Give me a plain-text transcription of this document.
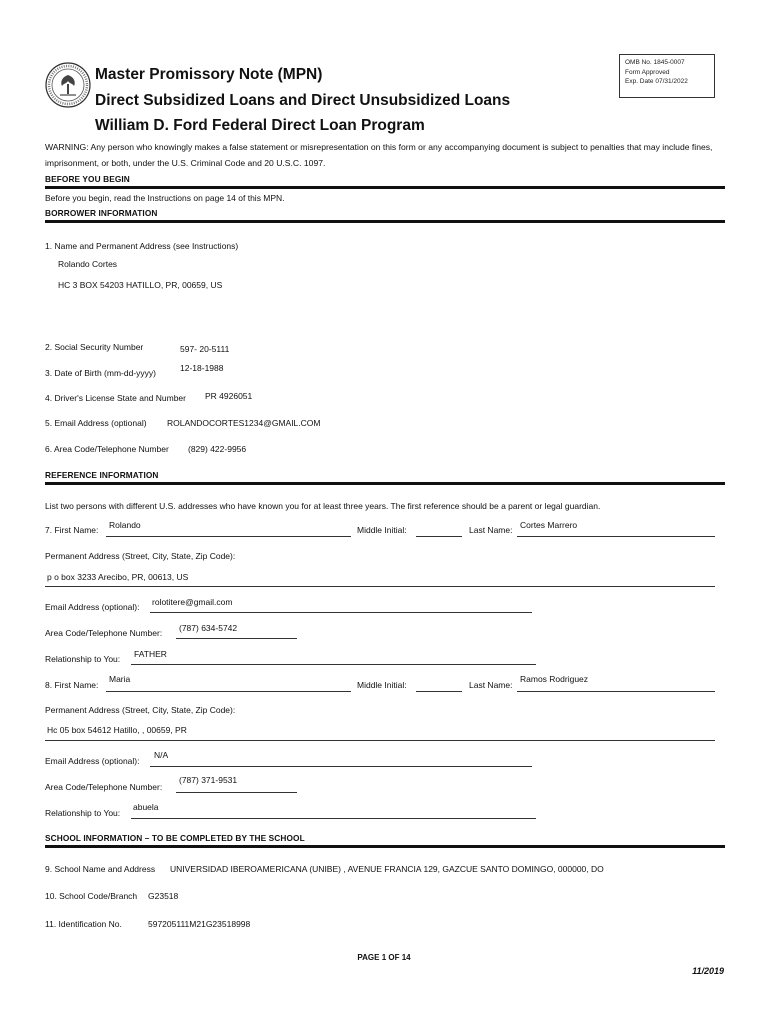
Master Promissory Note (MPN)
Direct Subsidized Loans and Direct Unsubsidized Loans
William D. Ford Federal Direct Loan Program
OMB No. 1845-0007
Form Approved
Exp. Date 07/31/2022
WARNING: Any person who knowingly makes a false statement or misrepresentation on this form or any accompanying document is subject to penalties that may include fines, imprisonment, or both, under the U.S. Criminal Code and 20 U.S.C. 1097.
BEFORE YOU BEGIN
Before you begin, read the Instructions on page 14 of this MPN.
BORROWER INFORMATION
1. Name and Permanent Address (see Instructions)
Rolando Cortes
HC 3 BOX 54203 HATILLO, PR, 00659, US
2. Social Security Number	597- 20-5111
3. Date of Birth (mm-dd-yyyy)	12-18-1988
4. Driver's License State and Number PR 4926051
5. Email Address (optional) ROLANDOCORTES1234@GMAIL.COM
6. Area Code/Telephone Number (829) 422-9956
REFERENCE INFORMATION
List two persons with different U.S. addresses who have known you for at least three years. The first reference should be a parent or legal guardian.
7. First Name: Rolando	Middle Initial:	Last Name: Cortes Marrero
Permanent Address (Street, City, State, Zip Code):
p o box 3233 Arecibo, PR, 00613, US
Email Address (optional): rolotitere@gmail.com
Area Code/Telephone Number: (787) 634-5742
Relationship to You: FATHER
8. First Name:
Maria
Middle Initial:	Last Name:
Ramos Rodriguez
Permanent Address (Street, City, State, Zip Code):
Hc 05 box 54612 Hatillo, , 00659, PR
Email Address (optional):
N/A
Area Code/Telephone Number:
(787) 371-9531
Relationship to You:
abuela
SCHOOL INFORMATION – TO BE COMPLETED BY THE SCHOOL
9. School Name and Address UNIVERSIDAD IBEROAMERICANA (UNIBE) , AVENUE FRANCIA 129, GAZCUE SANTO DOMINGO, 000000, DO
10. School Code/Branch G23518
11. Identification No.	597205111M21G23518998
PAGE 1 OF 14
11/2019
